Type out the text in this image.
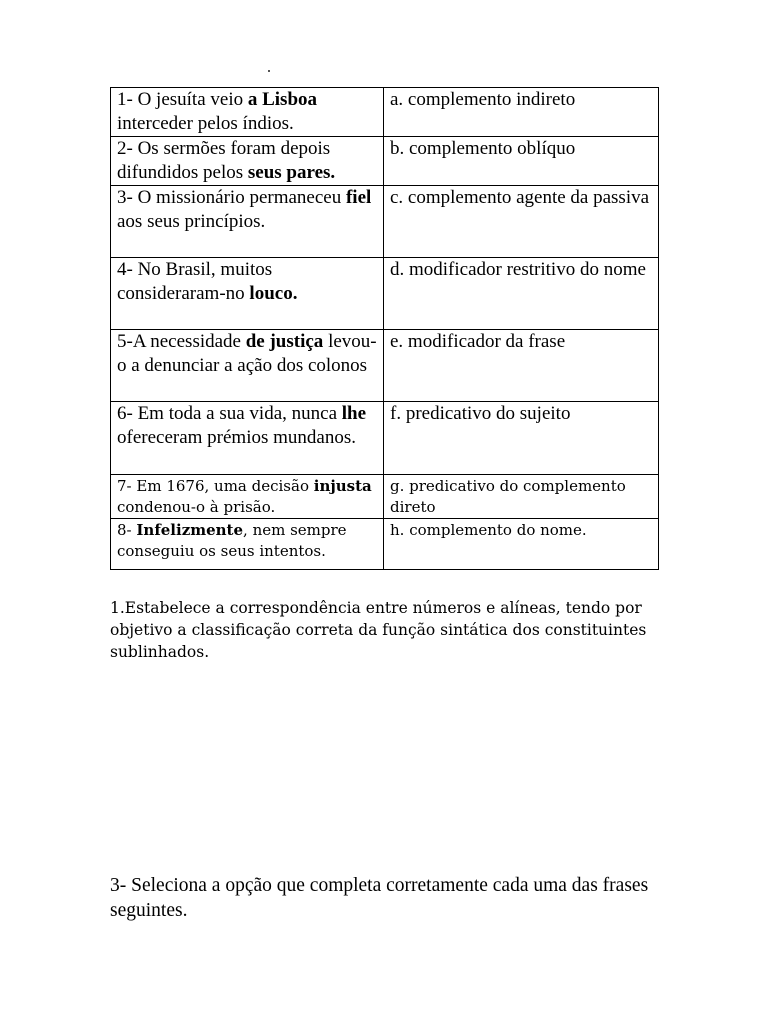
1- O jesuíta veio a Lisboa interceder pelos índios.	a. complemento indireto
2- Os sermões foram depois difundidos pelos seus pares.	b. complemento oblíquo
3- O missionário permaneceu fiel aos seus princípios.	c. complemento agente da passiva
4- No Brasil, muitos consideraram-no louco.	d. modificador restritivo do nome
5-A necessidade de justiça levou-o a denunciar a ação dos colonos	e. modificador da frase
6- Em toda a sua vida, nunca lhe ofereceram prémios mundanos.	f. predicativo do sujeito
7- Em 1676, uma decisão injusta condenou-o à prisão.	g. predicativo do complemento direto
8- Infelizmente, nem sempre conseguiu os seus intentos.	h. complemento do nome.
1.Estabelece a correspondência entre números e alíneas, tendo por objetivo a classificação correta da função sintática dos constituintes sublinhados.
3- Seleciona a opção que completa corretamente cada uma das frases seguintes.
